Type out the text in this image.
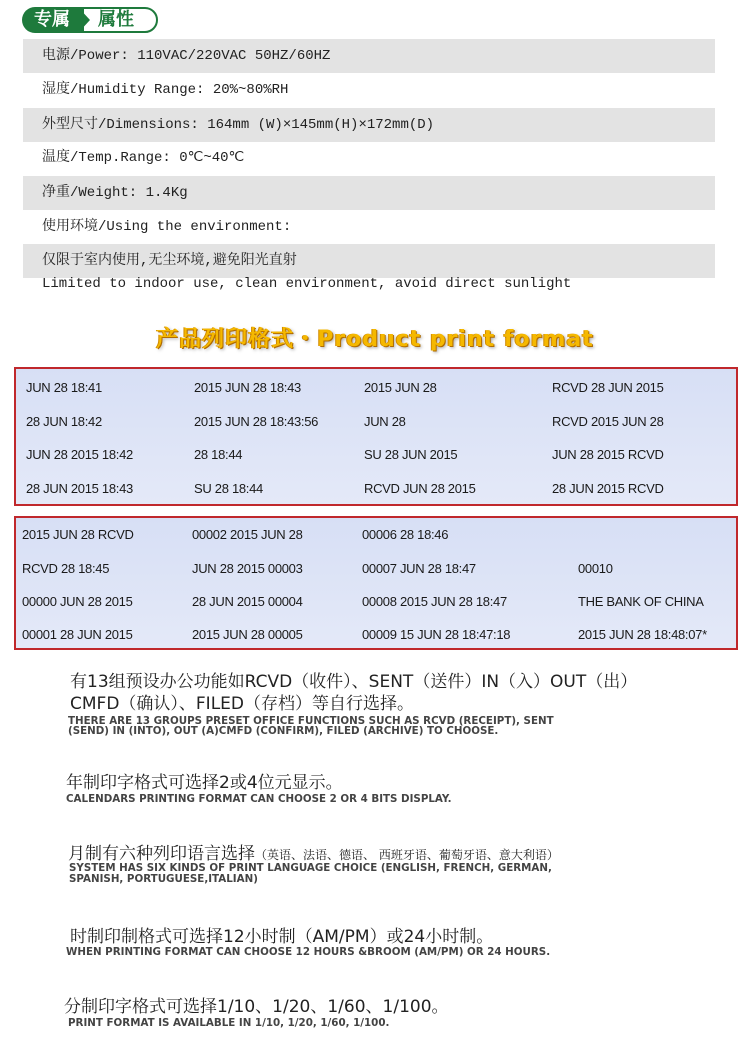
专属	属性
电源/Power: 110VAC/220VAC 50HZ/60HZ
湿度/Humidity Range: 20%~80%RH
外型尺寸/Dimensions: 164mm (W)×145mm(H)×172mm(D)
温度/Temp.Range: 0℃~40℃
净重/Weight: 1.4Kg
使用环境/Using the environment:
仅限于室内使用,无尘环境,避免阳光直射
Limited to indoor use, clean environment, avoid direct sunlight
产品列印格式・Product print format
JUN 28 18:41	2015 JUN 28 18:43	2015 JUN 28	RCVD 28 JUN 2015
28 JUN 18:42	2015 JUN 28 18:43:56	JUN 28	RCVD 2015 JUN 28
JUN 28 2015 18:42	28 18:44	SU 28 JUN 2015	JUN 28 2015 RCVD
28 JUN 2015 18:43	SU 28 18:44	RCVD JUN 28 2015	28 JUN 2015 RCVD
2015 JUN 28 RCVD	00002 2015 JUN 28	00006 28 18:46
RCVD 28 18:45	JUN 28 2015 00003	00007 JUN 28 18:47	00010
00000 JUN 28 2015	28 JUN 2015 00004	00008 2015 JUN 28 18:47	THE BANK OF CHINA
00001 28 JUN 2015	2015 JUN 28 00005	00009 15 JUN 28 18:47:18	2015 JUN 28 18:48:07*
有13组预设办公功能如RCVD（收件）、SENT（送件）IN（入）OUT（出）
CMFD（确认）、FILED（存档）等自行选择。
THERE ARE 13 GROUPS PRESET OFFICE FUNCTIONS SUCH AS RCVD (RECEIPT), SENT
(SEND) IN (INTO), OUT (A)CMFD (CONFIRM), FILED (ARCHIVE) TO CHOOSE.
年制印字格式可选择2或4位元显示。
CALENDARS PRINTING FORMAT CAN CHOOSE 2 OR 4 BITS DISPLAY.
月制有六种列印语言选择（英语、法语、德语、 西班牙语、葡萄牙语、意大利语）
SYSTEM HAS SIX KINDS OF PRINT LANGUAGE CHOICE (ENGLISH, FRENCH, GERMAN,
SPANISH, PORTUGUESE,ITALIAN)
时制印制格式可选择12小时制（AM/PM）或24小时制。
WHEN PRINTING FORMAT CAN CHOOSE 12 HOURS &BROOM (AM/PM) OR 24 HOURS.
分制印字格式可选择1/10、1/20、1/60、1/100。
PRINT FORMAT IS AVAILABLE IN 1/10, 1/20, 1/60, 1/100.
